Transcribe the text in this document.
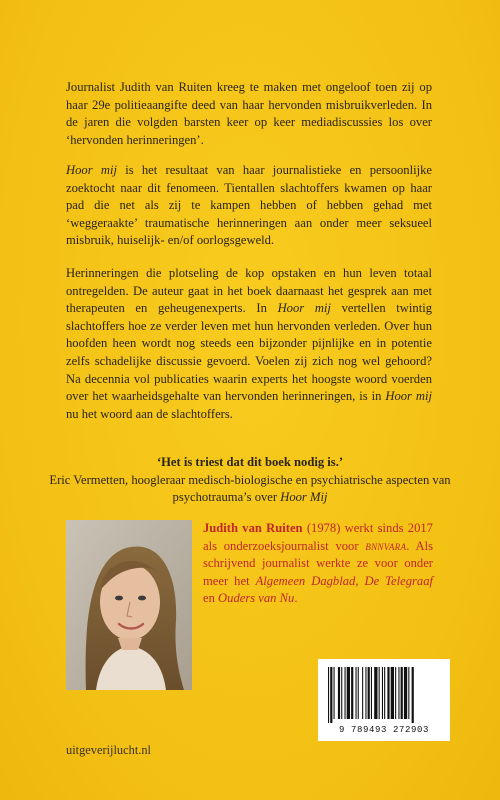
Journalist Judith van Ruiten kreeg te maken met ongeloof toen zij op haar 29e politieaangifte deed van haar hervonden misbruikverleden. In de jaren die volgden barsten keer op keer mediadiscussies los over ‘hervonden herinneringen’.

Hoor mij is het resultaat van haar journalistieke en persoonlijke zoektocht naar dit fenomeen. Tientallen slachtoffers kwamen op haar pad die net als zij te kampen hebben of hebben gehad met ‘weggeraakte’ traumatische herinneringen aan onder meer seksueel misbruik, huiselijk- en/of oorlogsgeweld.

Herinneringen die plotseling de kop opstaken en hun leven totaal ontregelden. De auteur gaat in het boek daarnaast het gesprek aan met therapeuten en geheugenexperts. In Hoor mij vertellen twintig slachtoffers hoe ze verder leven met hun hervonden verleden. Over hun hoofden heen wordt nog steeds een bijzonder pijnlijke en in potentie zelfs schadelijke discussie gevoerd. Voelen zij zich nog wel gehoord? Na decennia vol publicaties waarin experts het hoogste woord voerden over het waarheidsgehalte van hervonden herinneringen, is in Hoor mij nu het woord aan de slachtoffers.

‘Het is triest dat dit boek nodig is.’
Eric Vermetten, hoogleraar medisch-biologische en psychiatrische aspecten van psychotrauma’s over Hoor Mij
Judith van Ruiten (1978) werkt sinds 2017 als onderzoeksjournalist voor bnnvara. Als schrijvend journalist werkte ze voor onder meer het Algemeen Dagblad, De Telegraaf en Ouders van Nu.
uitgeverijlucht.nl
9 789493 272903
